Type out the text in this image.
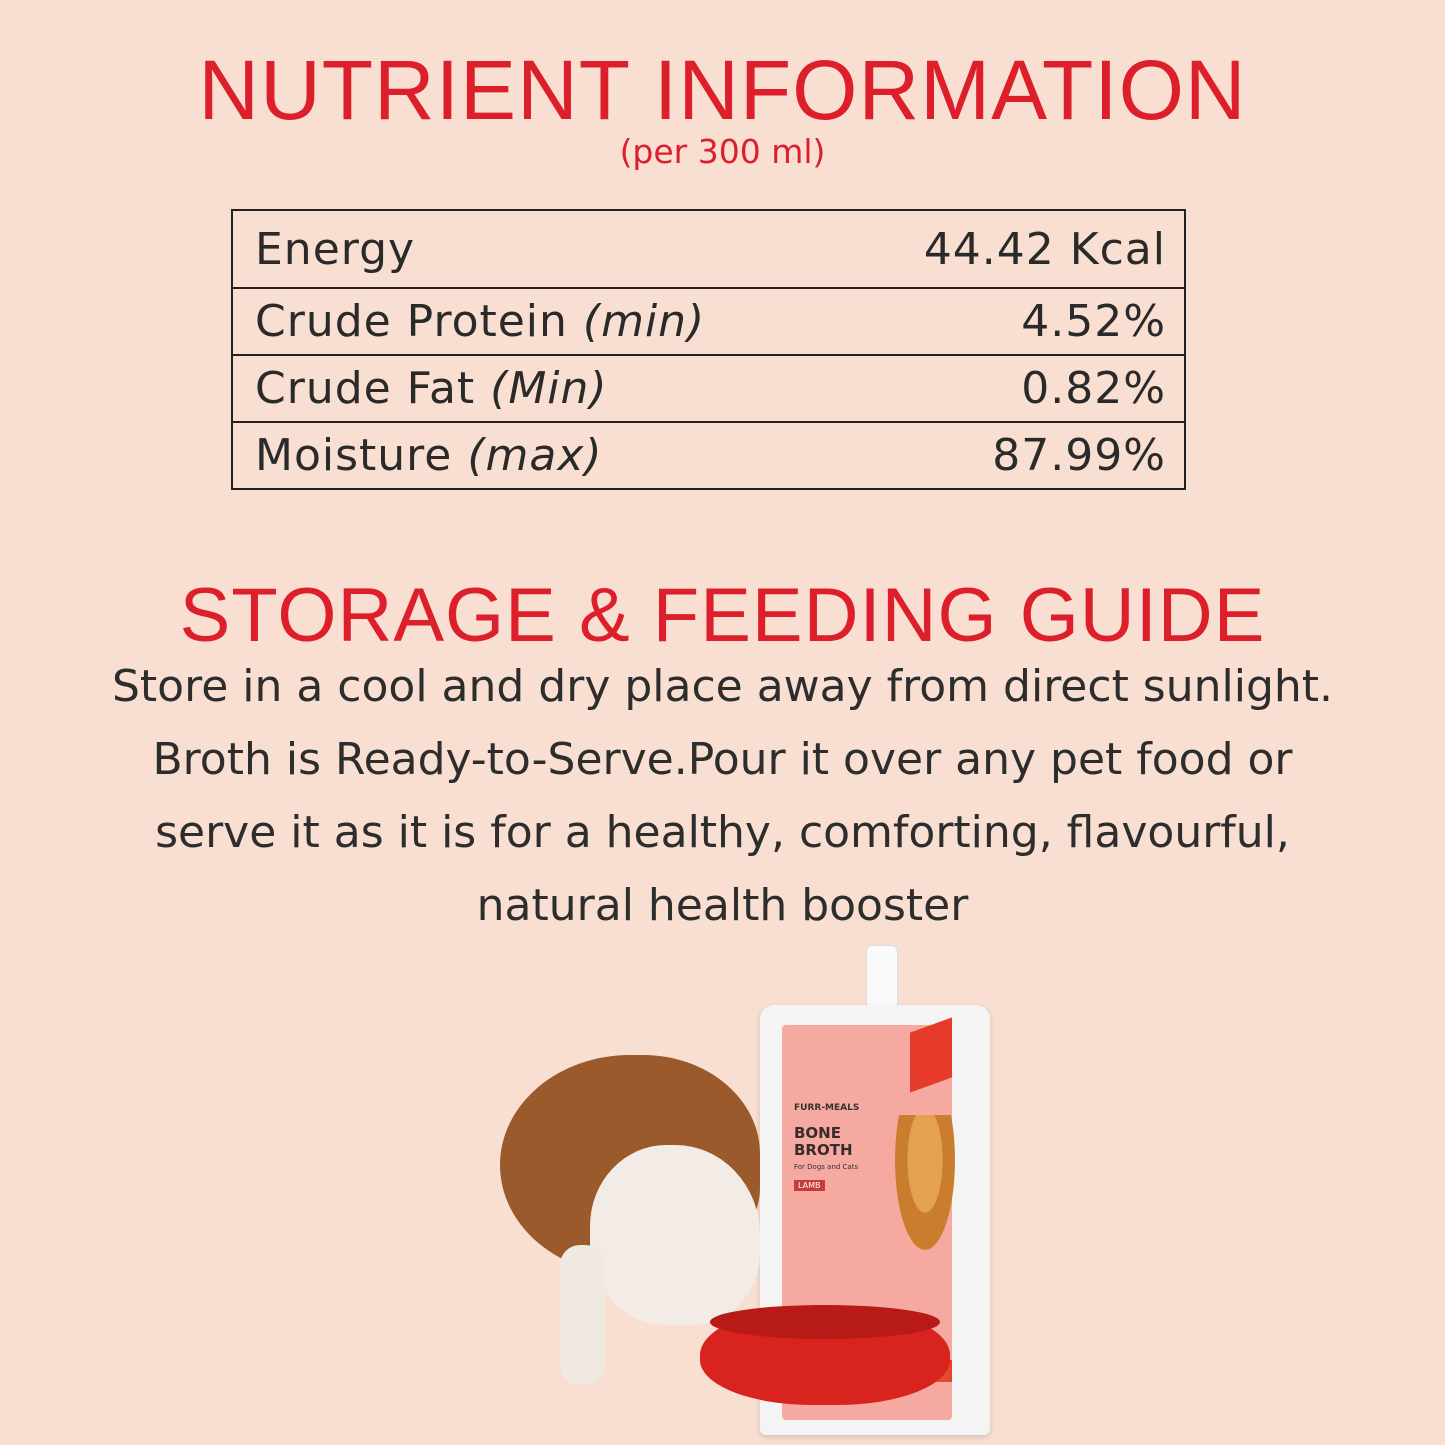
NUTRIENT INFORMATION
(per 300 ml)
Energy	44.42 Kcal
Crude Protein (min)	4.52%
Crude Fat (Min)	0.82%
Moisture (max)	87.99%
STORAGE & FEEDING GUIDE
Store in a cool and dry place away from direct sunlight.
Broth is Ready-to-Serve.Pour it over any pet food or
serve it as it is for a healthy, comforting, flavourful,
natural health booster
FURR-MEALS
BONE
BROTH
For Dogs and Cats
LAMB
